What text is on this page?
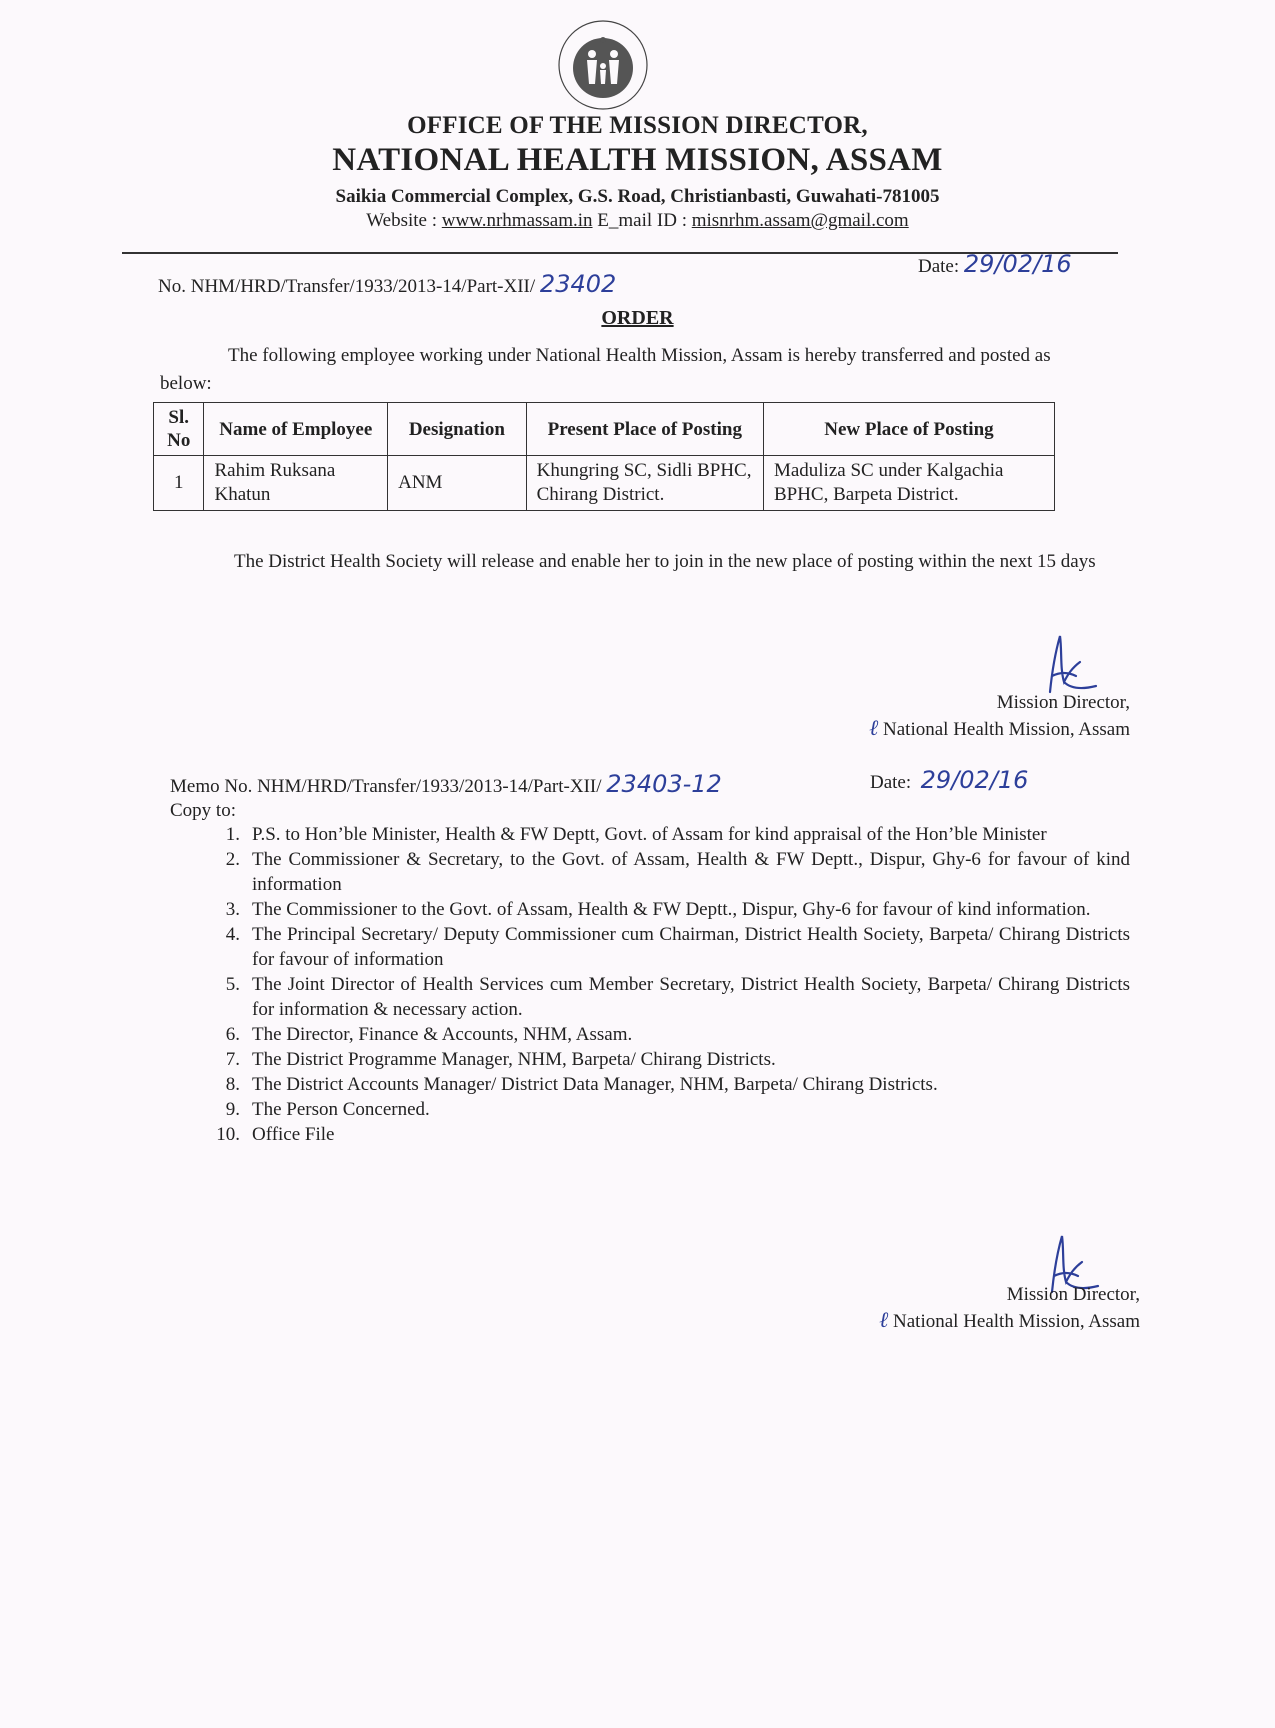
OFFICE OF THE MISSION DIRECTOR,
NATIONAL HEALTH MISSION, ASSAM
Saikia Commercial Complex, G.S. Road, Christianbasti, Guwahati-781005
Website : www.nrhmassam.in E_mail ID : misnrhm.assam@gmail.com
No. NHM/HRD/Transfer/1933/2013-14/Part-XII/ 23402
Date: 29/02/16
ORDER
The following employee working under National Health Mission, Assam is hereby transferred and posted as below:
Sl. No	Name of Employee	Designation	Present Place of Posting	New Place of Posting
1	Rahim Ruksana Khatun	ANM	Khungring SC, Sidli BPHC, Chirang District.	Maduliza SC under Kalgachia BPHC, Barpeta District.
The District Health Society will release and enable her to join in the new place of posting within the next 15 days
Mission Director,
ℓ National Health Mission, Assam
Memo No. NHM/HRD/Transfer/1933/2013-14/Part-XII/ 23403-12	Date: 29/02/16
Copy to:
1. P.S. to Hon’ble Minister, Health & FW Deptt, Govt. of Assam for kind appraisal of the Hon’ble Minister
2. The Commissioner & Secretary, to the Govt. of Assam, Health & FW Deptt., Dispur, Ghy-6 for favour of kind information
3. The Commissioner to the Govt. of Assam, Health & FW Deptt., Dispur, Ghy-6 for favour of kind information.
4. The Principal Secretary/ Deputy Commissioner cum Chairman, District Health Society, Barpeta/ Chirang Districts for favour of information
5. The Joint Director of Health Services cum Member Secretary, District Health Society, Barpeta/ Chirang Districts for information & necessary action.
6. The Director, Finance & Accounts, NHM, Assam.
7. The District Programme Manager, NHM, Barpeta/ Chirang Districts.
8. The District Accounts Manager/ District Data Manager, NHM, Barpeta/ Chirang Districts.
9. The Person Concerned.
10. Office File
Mission Director,
ℓ National Health Mission, Assam
